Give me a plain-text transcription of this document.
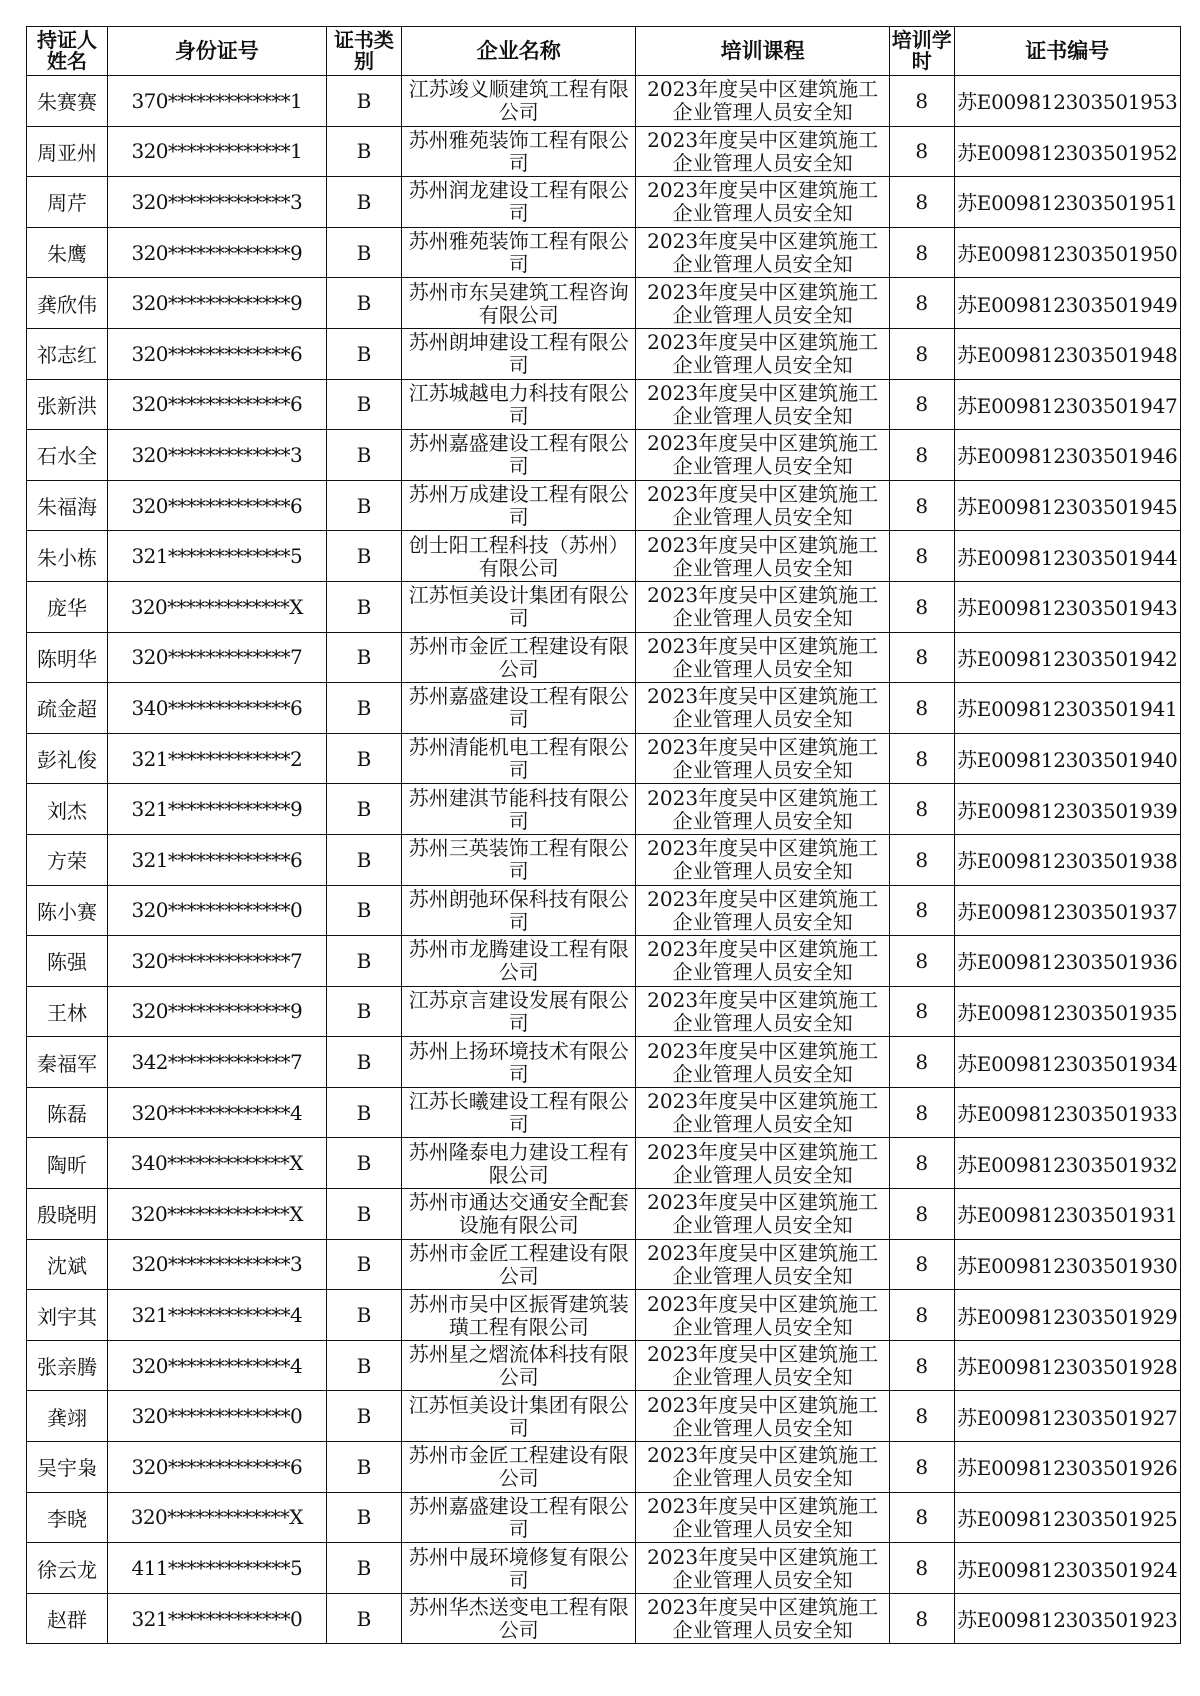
持证人姓名	身份证号	证书类别	企业名称	培训课程	培训学时	证书编号
朱赛赛	370*************1	B	江苏竣义顺建筑工程有限公司	2023年度吴中区建筑施工企业管理人员安全知	8	苏E009812303501953
周亚州	320*************1	B	苏州雅苑装饰工程有限公司	2023年度吴中区建筑施工企业管理人员安全知	8	苏E009812303501952
周芹	320*************3	B	苏州润龙建设工程有限公司	2023年度吴中区建筑施工企业管理人员安全知	8	苏E009812303501951
朱鹰	320*************9	B	苏州雅苑装饰工程有限公司	2023年度吴中区建筑施工企业管理人员安全知	8	苏E009812303501950
龚欣伟	320*************9	B	苏州市东吴建筑工程咨询有限公司	2023年度吴中区建筑施工企业管理人员安全知	8	苏E009812303501949
祁志红	320*************6	B	苏州朗坤建设工程有限公司	2023年度吴中区建筑施工企业管理人员安全知	8	苏E009812303501948
张新洪	320*************6	B	江苏城越电力科技有限公司	2023年度吴中区建筑施工企业管理人员安全知	8	苏E009812303501947
石水全	320*************3	B	苏州嘉盛建设工程有限公司	2023年度吴中区建筑施工企业管理人员安全知	8	苏E009812303501946
朱福海	320*************6	B	苏州万成建设工程有限公司	2023年度吴中区建筑施工企业管理人员安全知	8	苏E009812303501945
朱小栋	321*************5	B	创士阳工程科技（苏州）有限公司	2023年度吴中区建筑施工企业管理人员安全知	8	苏E009812303501944
庞华	320*************X	B	江苏恒美设计集团有限公司	2023年度吴中区建筑施工企业管理人员安全知	8	苏E009812303501943
陈明华	320*************7	B	苏州市金匠工程建设有限公司	2023年度吴中区建筑施工企业管理人员安全知	8	苏E009812303501942
疏金超	340*************6	B	苏州嘉盛建设工程有限公司	2023年度吴中区建筑施工企业管理人员安全知	8	苏E009812303501941
彭礼俊	321*************2	B	苏州清能机电工程有限公司	2023年度吴中区建筑施工企业管理人员安全知	8	苏E009812303501940
刘杰	321*************9	B	苏州建淇节能科技有限公司	2023年度吴中区建筑施工企业管理人员安全知	8	苏E009812303501939
方荣	321*************6	B	苏州三英装饰工程有限公司	2023年度吴中区建筑施工企业管理人员安全知	8	苏E009812303501938
陈小赛	320*************0	B	苏州朗弛环保科技有限公司	2023年度吴中区建筑施工企业管理人员安全知	8	苏E009812303501937
陈强	320*************7	B	苏州市龙腾建设工程有限公司	2023年度吴中区建筑施工企业管理人员安全知	8	苏E009812303501936
王林	320*************9	B	江苏京言建设发展有限公司	2023年度吴中区建筑施工企业管理人员安全知	8	苏E009812303501935
秦福军	342*************7	B	苏州上扬环境技术有限公司	2023年度吴中区建筑施工企业管理人员安全知	8	苏E009812303501934
陈磊	320*************4	B	江苏长曦建设工程有限公司	2023年度吴中区建筑施工企业管理人员安全知	8	苏E009812303501933
陶昕	340*************X	B	苏州隆泰电力建设工程有限公司	2023年度吴中区建筑施工企业管理人员安全知	8	苏E009812303501932
殷晓明	320*************X	B	苏州市通达交通安全配套设施有限公司	2023年度吴中区建筑施工企业管理人员安全知	8	苏E009812303501931
沈斌	320*************3	B	苏州市金匠工程建设有限公司	2023年度吴中区建筑施工企业管理人员安全知	8	苏E009812303501930
刘宇其	321*************4	B	苏州市吴中区振胥建筑装璜工程有限公司	2023年度吴中区建筑施工企业管理人员安全知	8	苏E009812303501929
张亲腾	320*************4	B	苏州星之熠流体科技有限公司	2023年度吴中区建筑施工企业管理人员安全知	8	苏E009812303501928
龚翊	320*************0	B	江苏恒美设计集团有限公司	2023年度吴中区建筑施工企业管理人员安全知	8	苏E009812303501927
吴宇枭	320*************6	B	苏州市金匠工程建设有限公司	2023年度吴中区建筑施工企业管理人员安全知	8	苏E009812303501926
李晓	320*************X	B	苏州嘉盛建设工程有限公司	2023年度吴中区建筑施工企业管理人员安全知	8	苏E009812303501925
徐云龙	411*************5	B	苏州中晟环境修复有限公司	2023年度吴中区建筑施工企业管理人员安全知	8	苏E009812303501924
赵群	321*************0	B	苏州华杰送变电工程有限公司	2023年度吴中区建筑施工企业管理人员安全知	8	苏E009812303501923
